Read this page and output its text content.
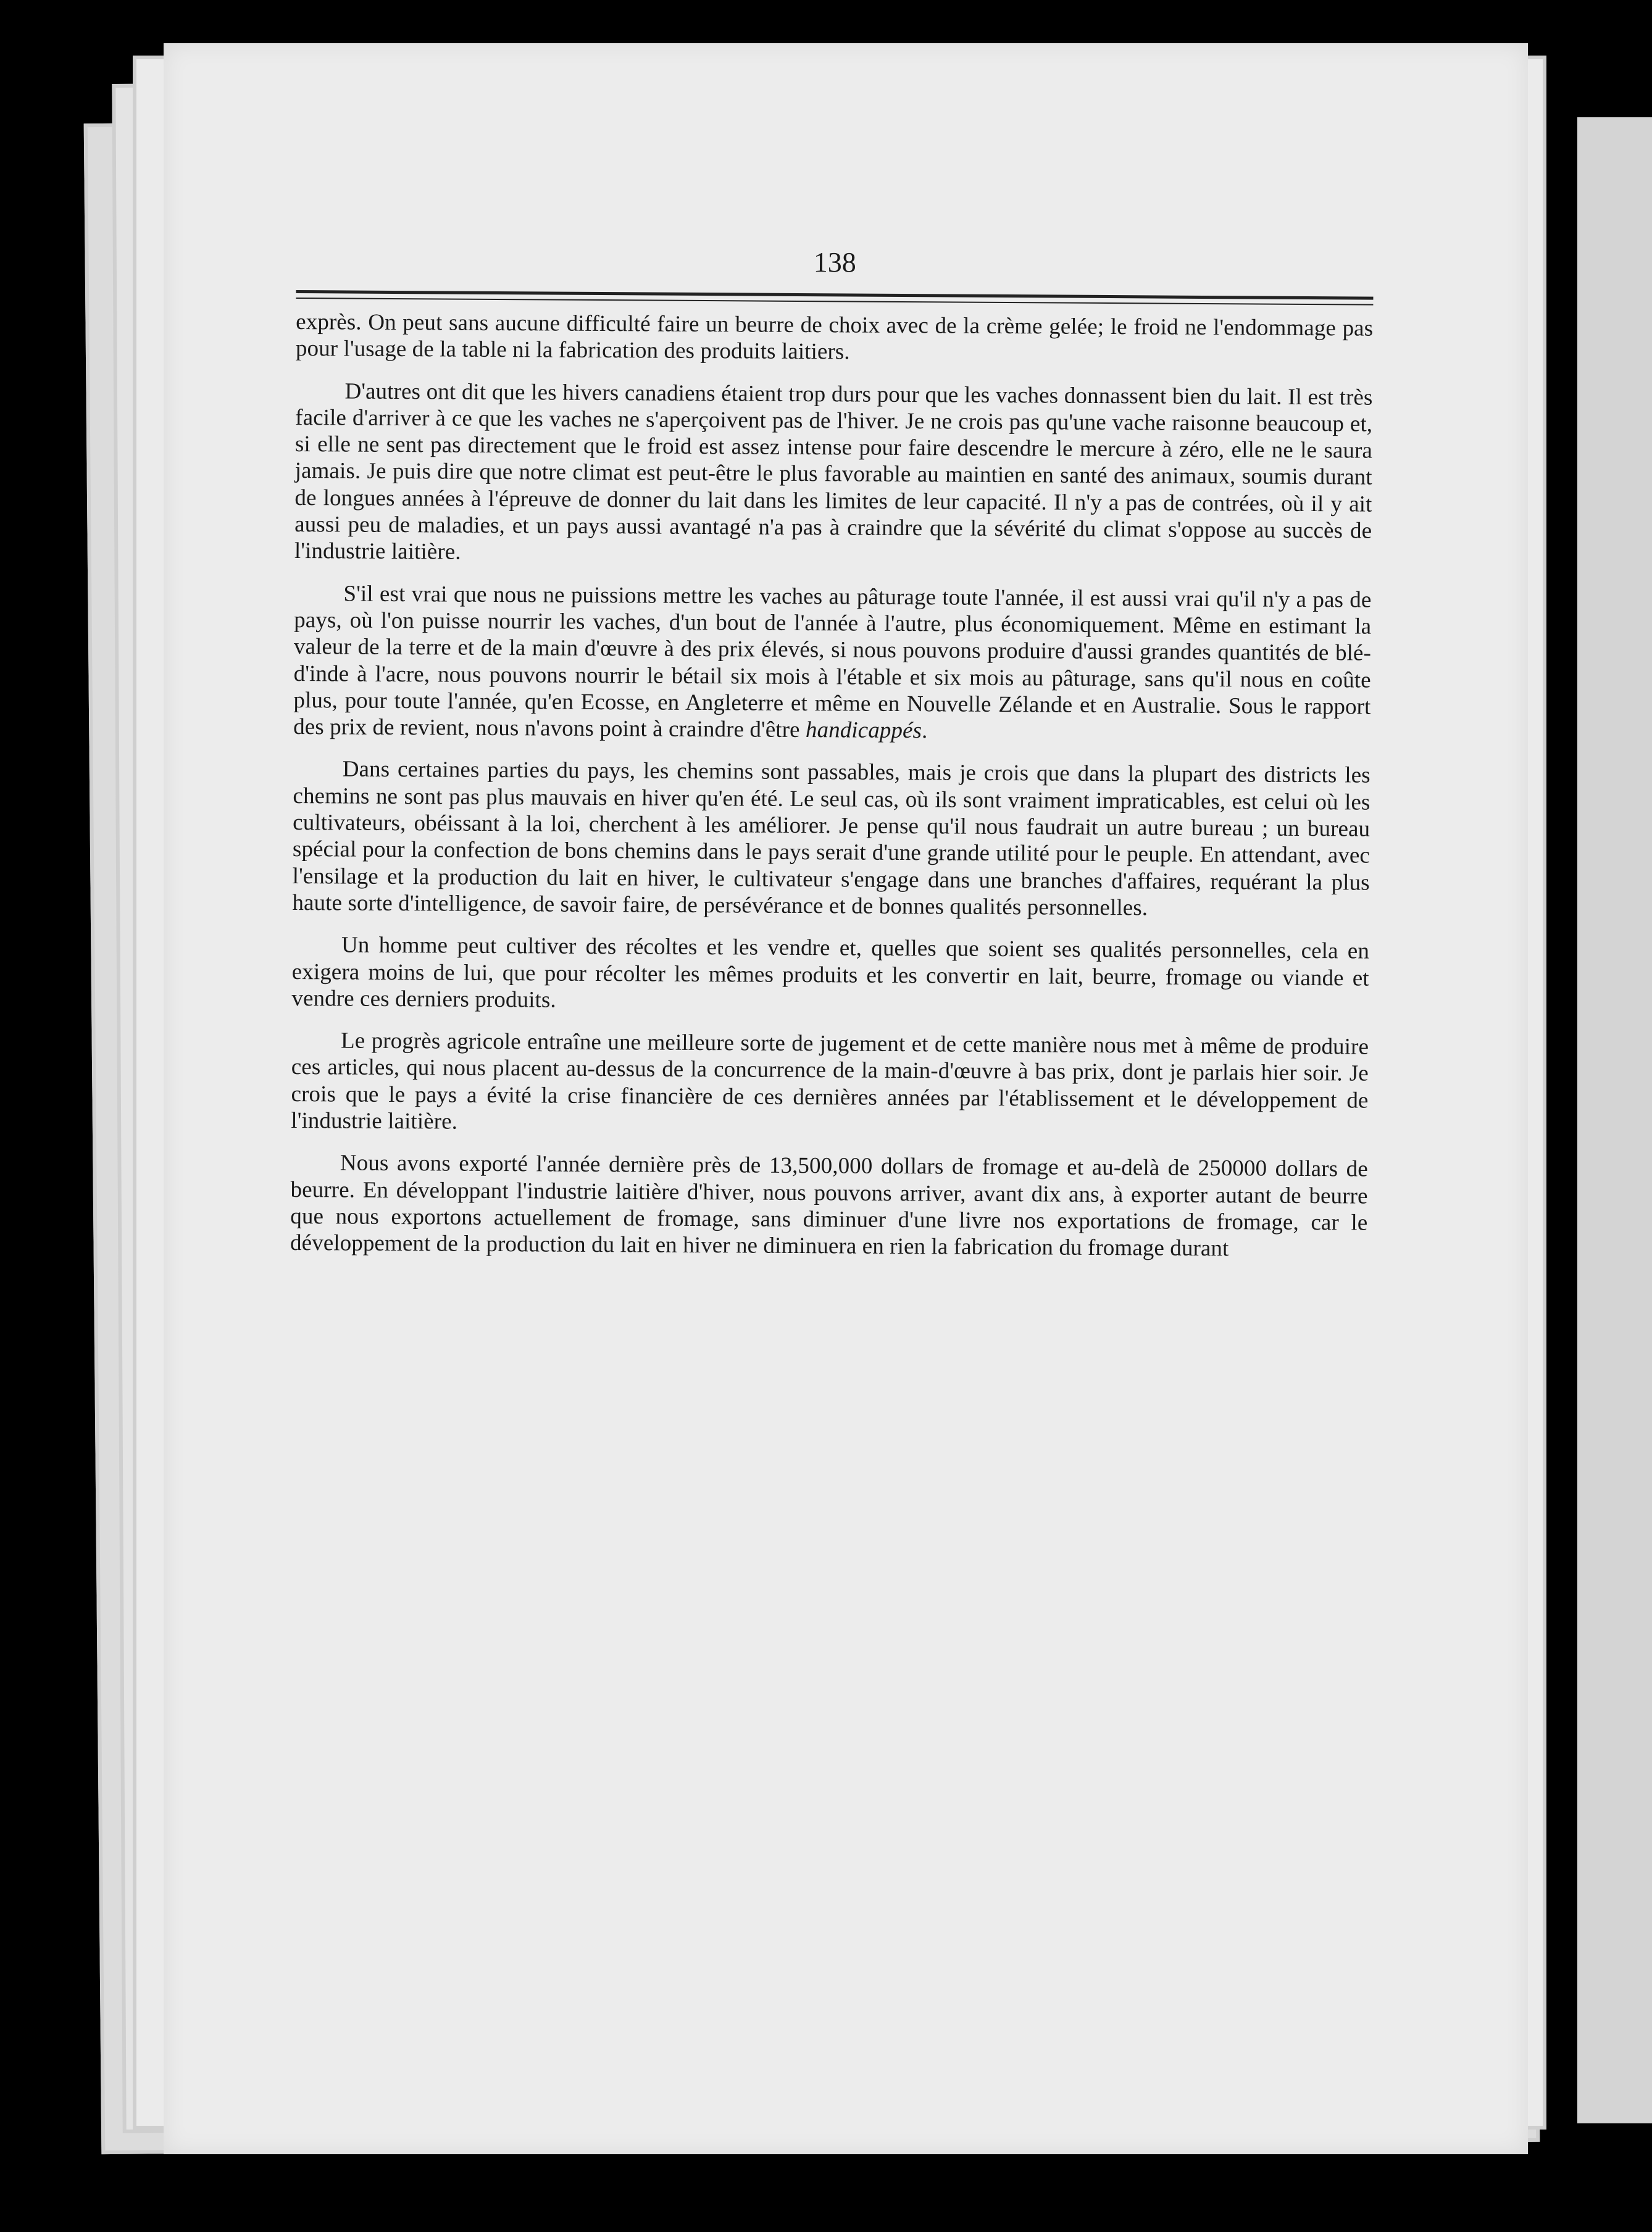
138

exprès. On peut sans aucune difficulté faire un beurre de choix avec de la crème gelée; le froid ne l'endommage pas pour l'usage de la table ni la fabrication des produits laitiers.

D'autres ont dit que les hivers canadiens étaient trop durs pour que les vaches donnassent bien du lait. Il est très facile d'arriver à ce que les vaches ne s'aperçoivent pas de l'hiver. Je ne crois pas qu'une vache raisonne beaucoup et, si elle ne sent pas directement que le froid est assez intense pour faire descendre le mercure à zéro, elle ne le saura jamais. Je puis dire que notre climat est peut-être le plus favorable au maintien en santé des animaux, soumis durant de longues années à l'épreuve de donner du lait dans les limites de leur capacité. Il n'y a pas de contrées, où il y ait aussi peu de maladies, et un pays aussi avantagé n'a pas à craindre que la sévérité du climat s'oppose au succès de l'industrie laitière.

S'il est vrai que nous ne puissions mettre les vaches au pâturage toute l'année, il est aussi vrai qu'il n'y a pas de pays, où l'on puisse nourrir les vaches, d'un bout de l'année à l'autre, plus économiquement. Même en estimant la valeur de la terre et de la main d'œuvre à des prix élevés, si nous pouvons produire d'aussi grandes quantités de blé-d'inde à l'acre, nous pouvons nourrir le bétail six mois à l'étable et six mois au pâturage, sans qu'il nous en coûte plus, pour toute l'année, qu'en Ecosse, en Angleterre et même en Nouvelle Zélande et en Australie. Sous le rapport des prix de revient, nous n'avons point à craindre d'être handicappés.

Dans certaines parties du pays, les chemins sont passables, mais je crois que dans la plupart des districts les chemins ne sont pas plus mauvais en hiver qu'en été. Le seul cas, où ils sont vraiment impraticables, est celui où les cultivateurs, obéissant à la loi, cherchent à les améliorer. Je pense qu'il nous faudrait un autre bureau ; un bureau spécial pour la confection de bons chemins dans le pays serait d'une grande utilité pour le peuple. En attendant, avec l'ensilage et la production du lait en hiver, le cultivateur s'engage dans une branches d'affaires, requérant la plus haute sorte d'intelligence, de savoir faire, de persévérance et de bonnes qualités personnelles.

Un homme peut cultiver des récoltes et les vendre et, quelles que soient ses qualités personnelles, cela en exigera moins de lui, que pour récolter les mêmes produits et les convertir en lait, beurre, fromage ou viande et vendre ces derniers produits.

Le progrès agricole entraîne une meilleure sorte de jugement et de cette manière nous met à même de produire ces articles, qui nous placent au-dessus de la concurrence de la main-d'œuvre à bas prix, dont je parlais hier soir. Je crois que le pays a évité la crise financière de ces dernières années par l'établissement et le développement de l'industrie laitière.

Nous avons exporté l'année dernière près de 13,500,000 dollars de fromage et au-delà de 250000 dollars de beurre. En développant l'industrie laitière d'hiver, nous pouvons arriver, avant dix ans, à exporter autant de beurre que nous exportons actuellement de fromage, sans diminuer d'une livre nos exportations de fromage, car le développement de la production du lait en hiver ne diminuera en rien la fabrication du fromage durant
